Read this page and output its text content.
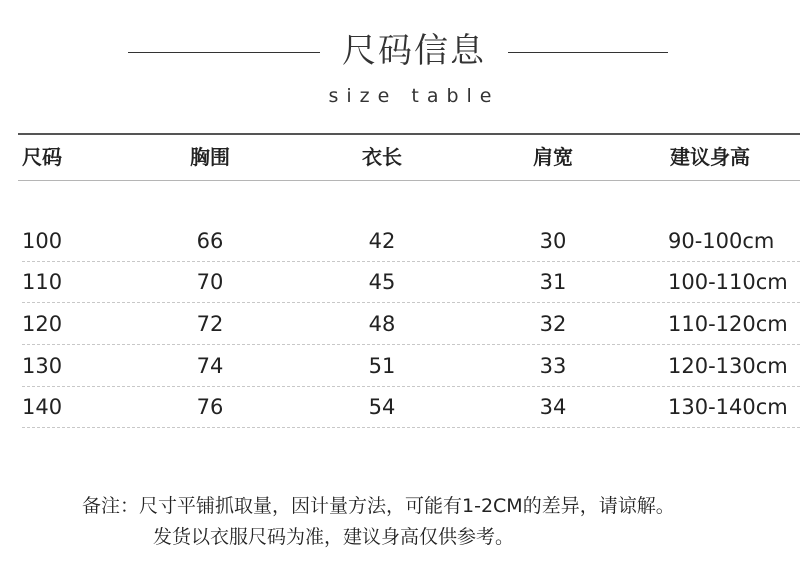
尺码信息
size table
尺码	胸围	衣长	肩宽	建议身高
100	66	42	30	90-100cm
110	70	45	31	100-110cm
120	72	48	32	110-120cm
130	74	51	33	120-130cm
140	76	54	34	130-140cm
备注：尺寸平铺抓取量，因计量方法，可能有1-2CM的差异，请谅解。
发货以衣服尺码为准，建议身高仅供参考。
